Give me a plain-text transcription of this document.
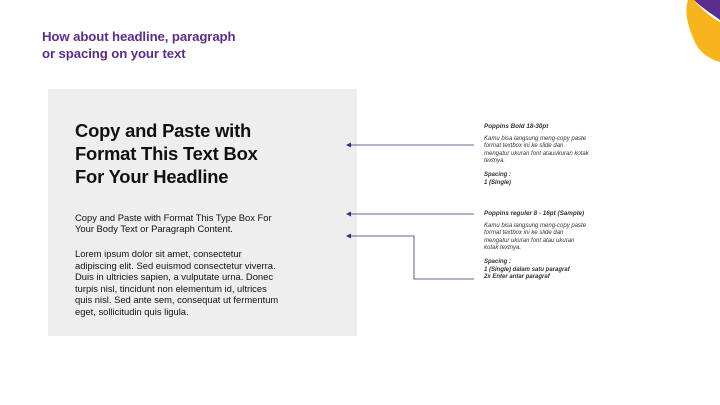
How about headline, paragraph
or spacing on your text
Copy and Paste with
Format This Text Box
For Your Headline
Copy and Paste with Format This Type Box For
Your Body Text or Paragraph Content.
Lorem ipsum dolor sit amet, consectetur
adipiscing elit. Sed euismod consectetur viverra.
Duis in ultricies sapien, a vulputate urna. Donec
turpis nisl, tincidunt non elementum id, ultrices
quis nisl. Sed ante sem, consequat ut fermentum
eget, sollicitudin quis ligula.
Poppins Bold 18-30pt
Kamu bisa langsung meng-copy paste
format textbox ini ke slide dan
mengatur ukuran font atauukuran kotak
textnya.
Spacing :
1 (Single)
Poppins reguler 8 - 16pt (Sample)
Kamu bisa langsung meng-copy paste
format textbox ini ke slide dan
mengatur ukuran font atau ukuran
kotak textnya.
Spacing :
1 (Single) dalam satu paragraf
2x Enter antar paragraf
